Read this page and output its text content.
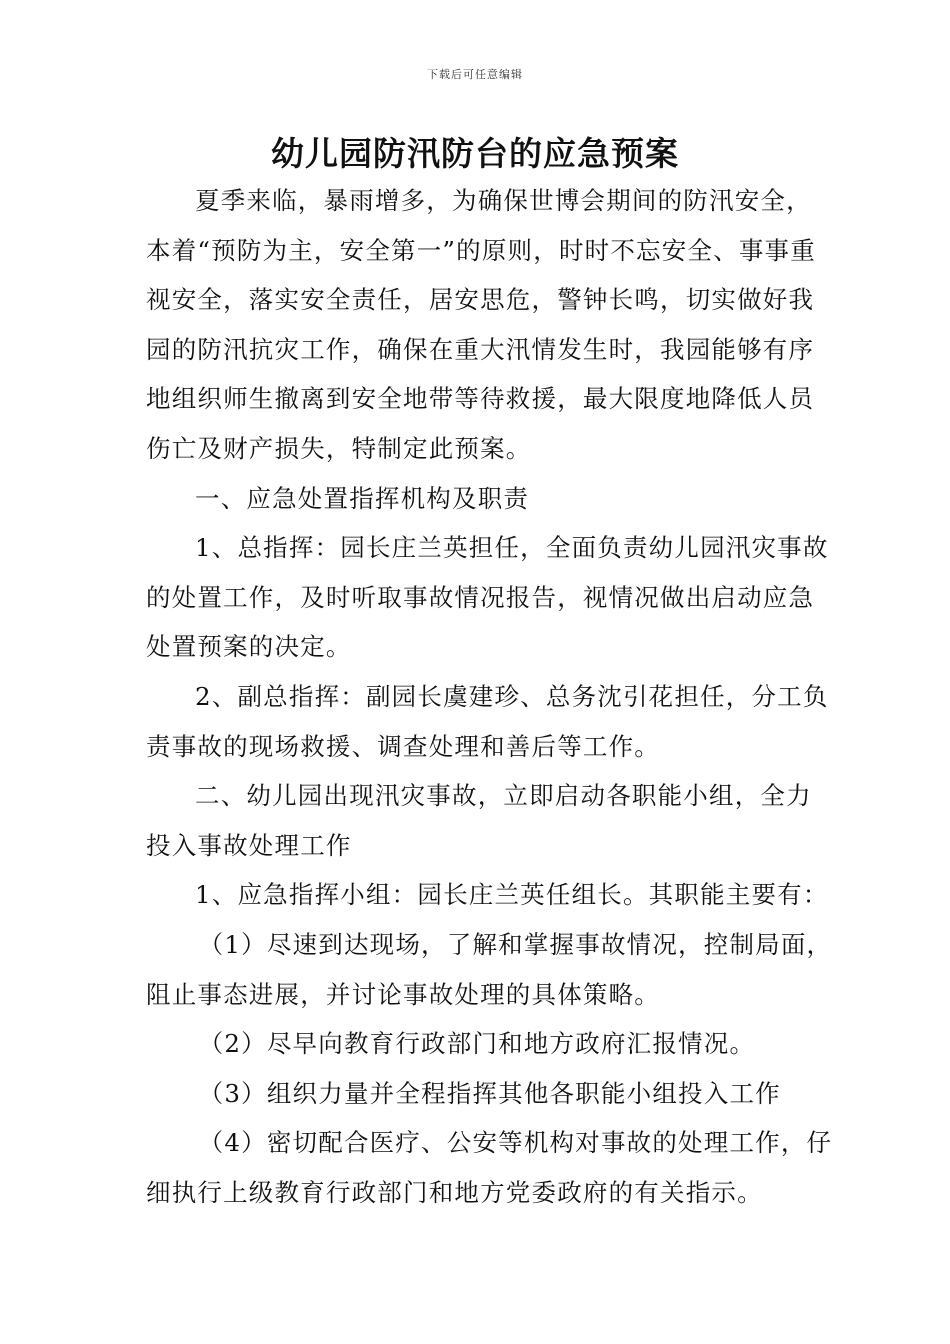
下载后可任意编辑
幼儿园防汛防台的应急预案

夏季来临，暴雨增多，为确保世博会期间的防汛安全，本着“预防为主，安全第一”的原则，时时不忘安全、事事重视安全，落实安全责任，居安思危，警钟长鸣，切实做好我园的防汛抗灾工作，确保在重大汛情发生时，我园能够有序地组织师生撤离到安全地带等待救援，最大限度地降低人员伤亡及财产损失，特制定此预案。

一、应急处置指挥机构及职责

1、总指挥：园长庄兰英担任，全面负责幼儿园汛灾事故的处置工作，及时听取事故情况报告，视情况做出启动应急处置预案的决定。

2、副总指挥：副园长虞建珍、总务沈引花担任，分工负责事故的现场救援、调查处理和善后等工作。

二、幼儿园出现汛灾事故，立即启动各职能小组，全力投入事故处理工作

1、应急指挥小组：园长庄兰英任组长。其职能主要有：

（1）尽速到达现场，了解和掌握事故情况，控制局面，阻止事态进展，并讨论事故处理的具体策略。

（2）尽早向教育行政部门和地方政府汇报情况。

（3）组织力量并全程指挥其他各职能小组投入工作

（4）密切配合医疗、公安等机构对事故的处理工作，仔细执行上级教育行政部门和地方党委政府的有关指示。
